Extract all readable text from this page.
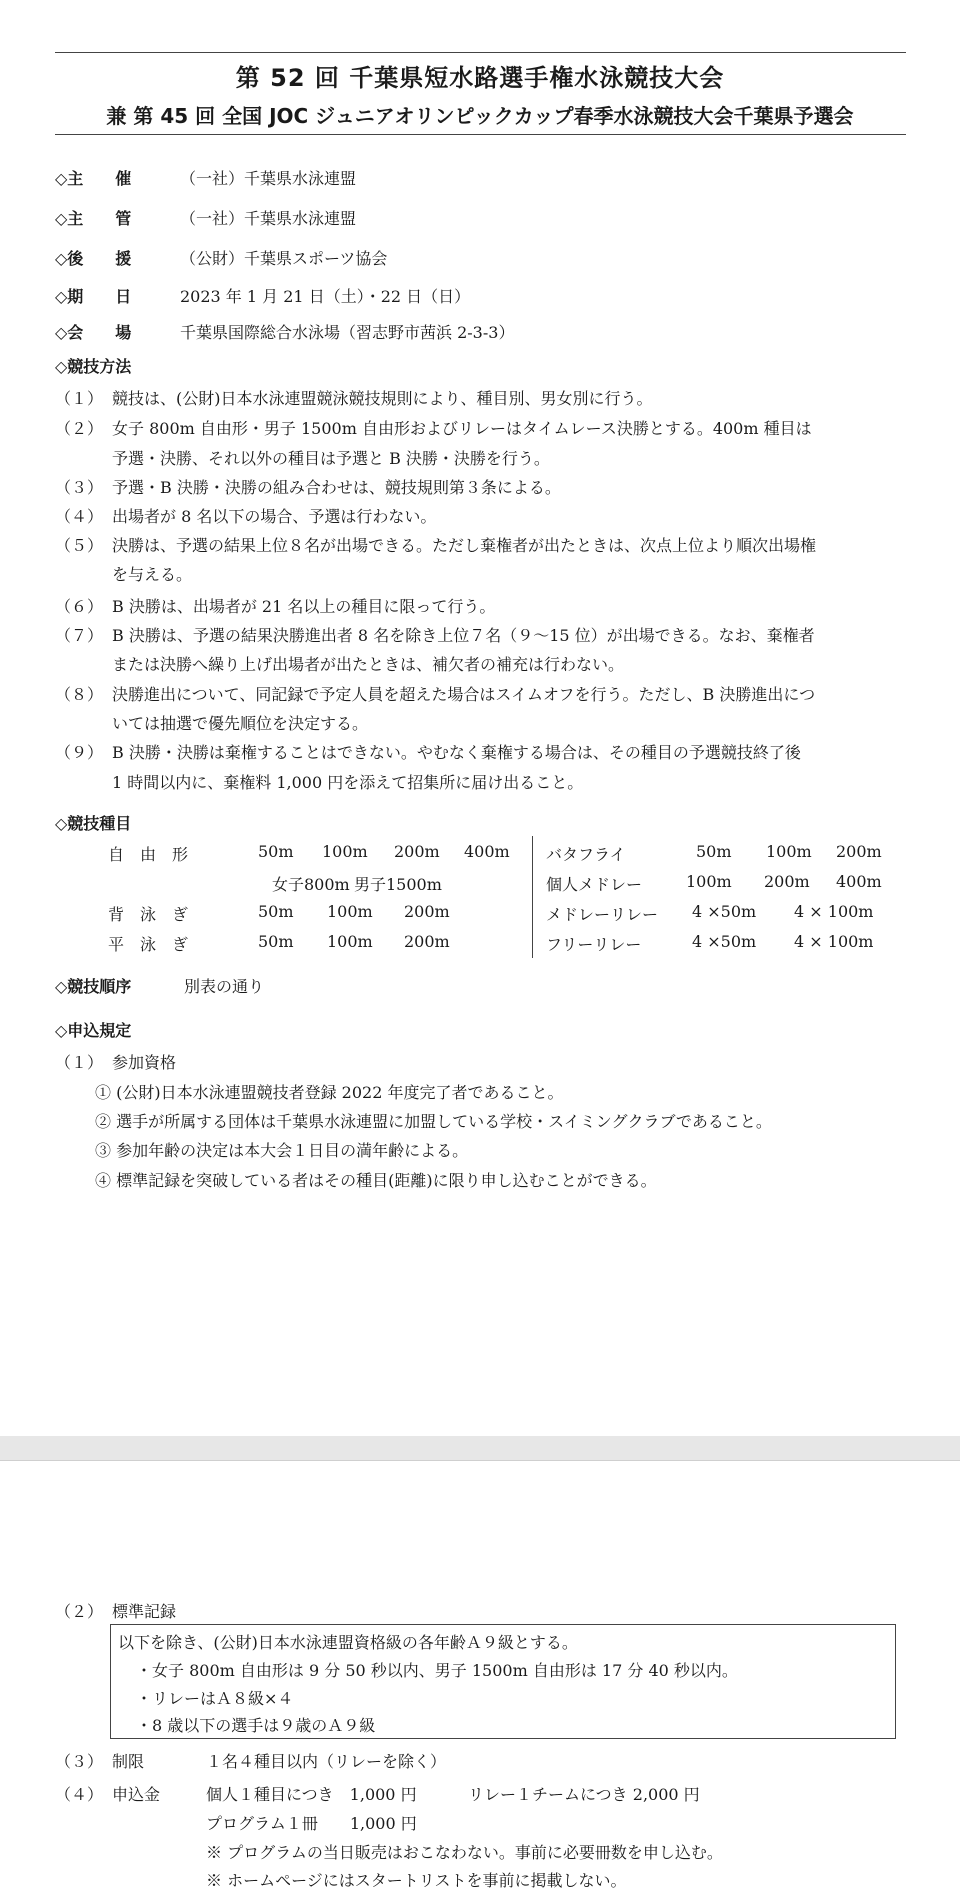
第 52 回 千葉県短水路選手権水泳競技大会
兼 第 45 回 全国 JOC ジュニアオリンピックカップ春季水泳競技大会千葉県予選会
◇主　　催	（一社）千葉県水泳連盟
◇主　　管	（一社）千葉県水泳連盟
◇後　　援	（公財）千葉県スポーツ協会
◇期　　日	2023 年 1 月 21 日（土）・22 日（日）
◇会　　場	千葉県国際総合水泳場（習志野市茜浜 2-3-3）
◇競技方法
（１） 競技は、(公財)日本水泳連盟競泳競技規則により、種目別、男女別に行う。
（２） 女子 800m 自由形・男子 1500m 自由形およびリレーはタイムレース決勝とする。400m 種目は
予選・決勝、それ以外の種目は予選と B 決勝・決勝を行う。
（３） 予選・B 決勝・決勝の組み合わせは、競技規則第３条による。
（４） 出場者が 8 名以下の場合、予選は行わない。
（５） 決勝は、予選の結果上位８名が出場できる。ただし棄権者が出たときは、次点上位より順次出場権
を与える。
（６） B 決勝は、出場者が 21 名以上の種目に限って行う。
（７） B 決勝は、予選の結果決勝進出者 8 名を除き上位７名（９～15 位）が出場できる。なお、棄権者
または決勝へ繰り上げ出場者が出たときは、補欠者の補充は行わない。
（８） 決勝進出について、同記録で予定人員を超えた場合はスイムオフを行う。ただし、B 決勝進出につ
いては抽選で優先順位を決定する。
（９） B 決勝・決勝は棄権することはできない。やむなく棄権する場合は、その種目の予選競技終了後
1 時間以内に、棄権料 1,000 円を添えて招集所に届け出ること。
◇競技種目
自　由　形	50m 100m 200m 400m
女子800m 男子1500m
背　泳　ぎ	50m 100m 200m
平　泳　ぎ	50m 100m 200m
バタフライ	50m 100m 200m
個人メドレー	100m 200m 400m
メドレーリレー 4 ×50m 4 × 100m
フリーリレー	4 ×50m 4 × 100m
◇競技順序	別表の通り
◇申込規定
（１） 参加資格
① (公財)日本水泳連盟競技者登録 2022 年度完了者であること。
② 選手が所属する団体は千葉県水泳連盟に加盟している学校・スイミングクラブであること。
③ 参加年齢の決定は本大会１日目の満年齢による。
④ 標準記録を突破している者はその種目(距離)に限り申し込むことができる。
（２） 標準記録
以下を除き、(公財)日本水泳連盟資格級の各年齢Ａ９級とする。
・女子 800m 自由形は 9 分 50 秒以内、男子 1500m 自由形は 17 分 40 秒以内。
・リレーはＡ８級×４
・8 歳以下の選手は９歳のＡ９級
（３） 制限	１名４種目以内（リレーを除く）
（４） 申込金	個人１種目につき　1,000 円	リレー１チームにつき 2,000 円
プログラム１冊　　1,000 円
※ プログラムの当日販売はおこなわない。事前に必要冊数を申し込む。
※ ホームページにはスタートリストを事前に掲載しない。
